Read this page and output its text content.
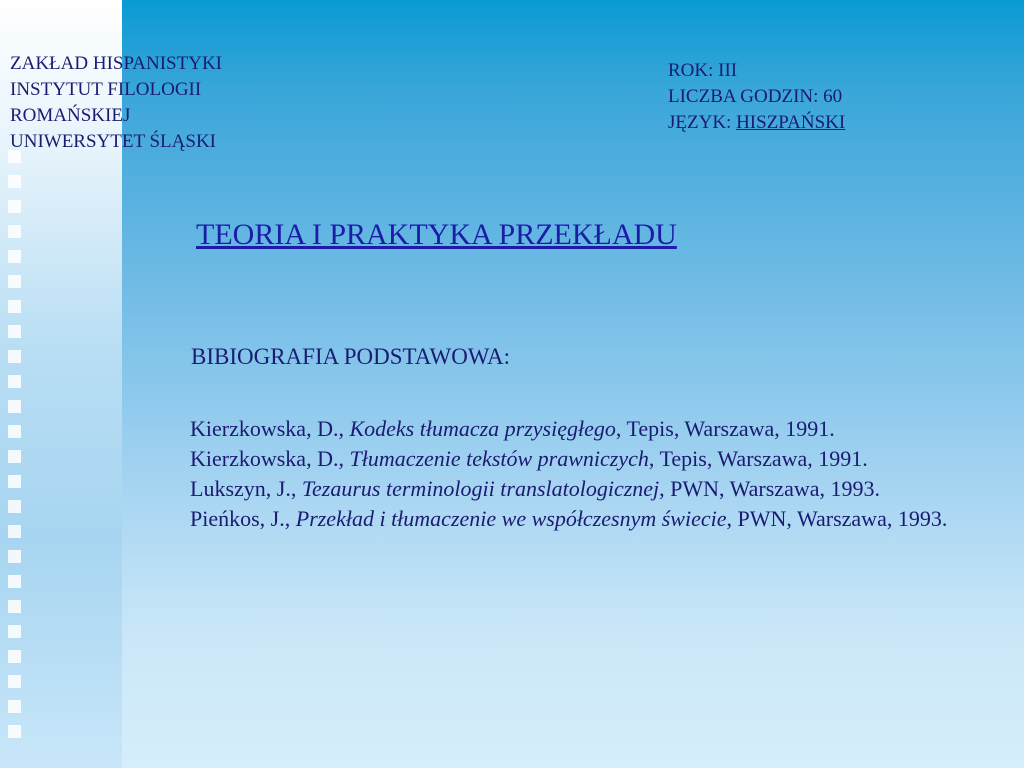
ZAKŁAD HISPANISTYKI
INSTYTUT FILOLOGII
ROMAŃSKIEJ
UNIWERSYTET ŚLĄSKI
ROK: III
LICZBA GODZIN: 60
JĘZYK: HISZPAŃSKI
TEORIA I PRAKTYKA PRZEKŁADU
BIBIOGRAFIA PODSTAWOWA:
Kierzkowska, D., Kodeks tłumacza przysięgłego, Tepis, Warszawa, 1991.
Kierzkowska, D., Tłumaczenie tekstów prawniczych, Tepis, Warszawa, 1991.
Lukszyn, J., Tezaurus terminologii translatologicznej, PWN, Warszawa, 1993.
Pieńkos, J., Przekład i tłumaczenie we współczesnym świecie, PWN, Warszawa, 1993.
